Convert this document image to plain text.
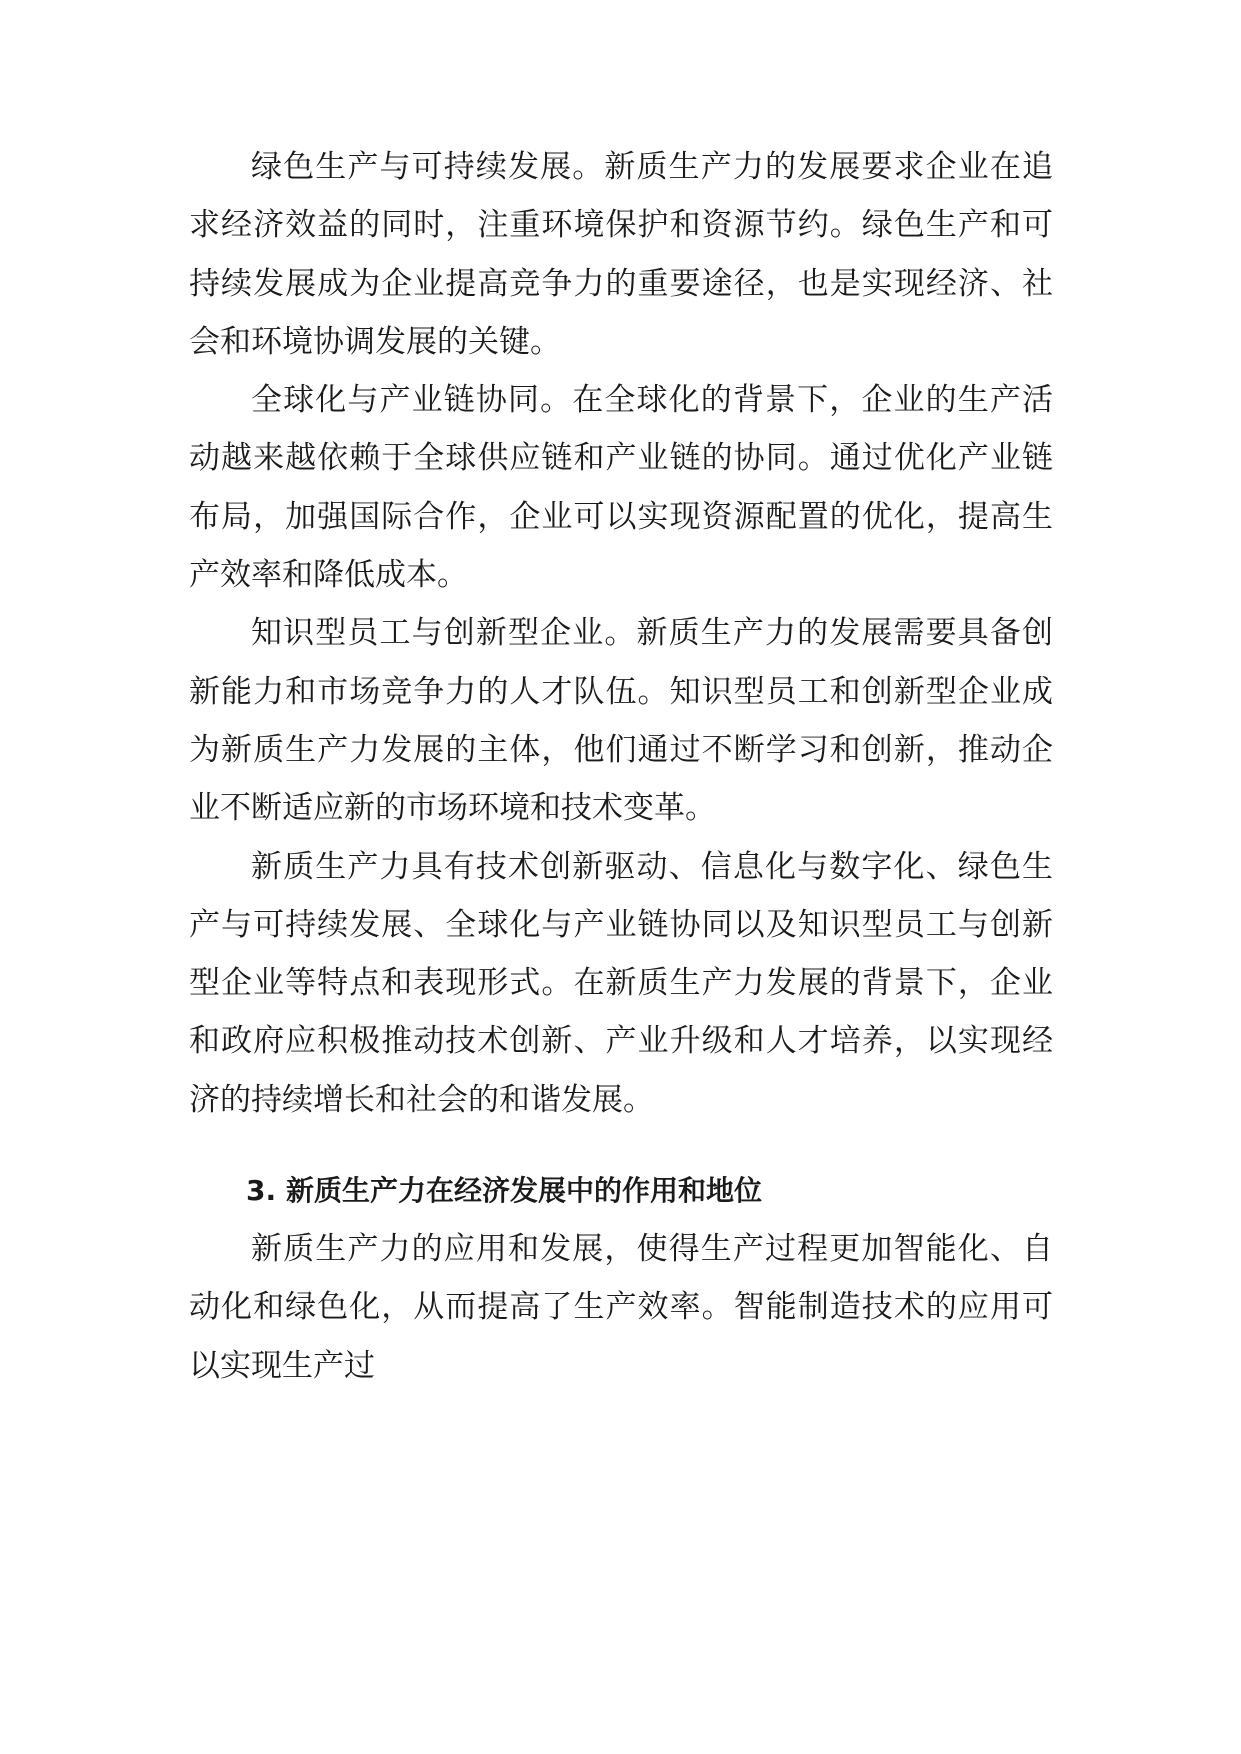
绿色生产与可持续发展。新质生产力的发展要求企业在追求经济效益的同时，注重环境保护和资源节约。绿色生产和可持续发展成为企业提高竞争力的重要途径，也是实现经济、社会和环境协调发展的关键。

全球化与产业链协同。在全球化的背景下，企业的生产活动越来越依赖于全球供应链和产业链的协同。通过优化产业链布局，加强国际合作，企业可以实现资源配置的优化，提高生产效率和降低成本。

知识型员工与创新型企业。新质生产力的发展需要具备创新能力和市场竞争力的人才队伍。知识型员工和创新型企业成为新质生产力发展的主体，他们通过不断学习和创新，推动企业不断适应新的市场环境和技术变革。

新质生产力具有技术创新驱动、信息化与数字化、绿色生产与可持续发展、全球化与产业链协同以及知识型员工与创新型企业等特点和表现形式。在新质生产力发展的背景下，企业和政府应积极推动技术创新、产业升级和人才培养，以实现经济的持续增长和社会的和谐发展。

3. 新质生产力在经济发展中的作用和地位

新质生产力的应用和发展，使得生产过程更加智能化、自动化和绿色化，从而提高了生产效率。智能制造技术的应用可以实现生产过
